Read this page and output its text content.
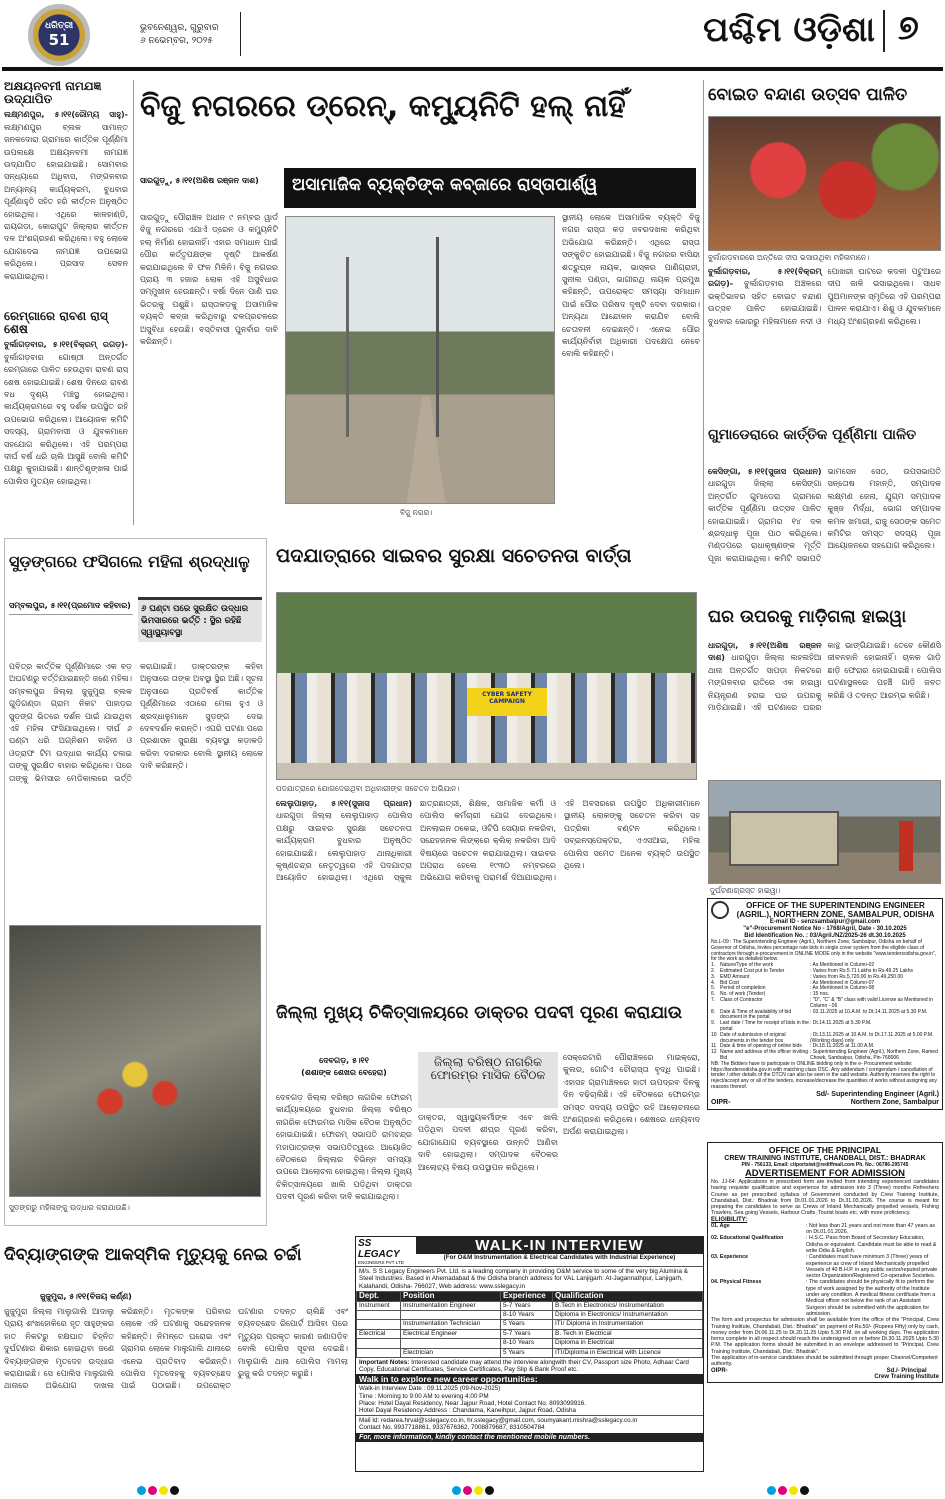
ଧରିତ୍ରୀ
51
ଭୁବନେଶ୍ୱର, ଗୁରୁବାର
୬ ନଭେମ୍ବର, ୨୦୨୫	ପଶ୍ଚିମ ଓଡ଼ିଶା ୭
ଅକ୍ଷୟନବମୀ ନାମଯଜ୍ଞ ଉଦ୍‌ଯାପିତ
ଲକ୍ଷ୍ମଣପୁର, ୫।୧୧(ରୌମ୍ୟ ସାହୁ)- ଲକ୍ଷ୍ମଣପୁର ବ୍ଲକ ସାମାନ୍ତ ଜନକଦୋରା ଗ୍ରାମରେ କାର୍ତ୍ତିକ ପୂର୍ଣ୍ଣିମା ଉପଲକ୍ଷେ ଅକ୍ଷୟନବମୀ ନାମଯଜ୍ଞ ଉଦ୍‌ଯାପିତ ହୋଇଯାଇଛି। ସୋମବାର ସନ୍ଧ୍ୟାରେ ଅଧିବାସ, ମଙ୍ଗଳବାର ଅନ୍ୟାନ୍ୟ କାର୍ଯ୍ୟକ୍ରମ, ବୁଧବାର ପୂର୍ଣ୍ଣାହୁତି ସହିତ ହରି କୀର୍ତ୍ତନ ଅନୁଷ୍ଠିତ ହୋଇଥିଲା। ଏଥିରେ କାଳହାଣ୍ଡି, ରାୟଗଡ଼ା, କୋରାପୁଟ ଜିଲ୍ଲାର କୀର୍ତ୍ତନ ଦଳ ଅଂଶଗ୍ରହଣ କରିଥିଲେ। ବହୁ ଲୋକେ ଯୋଗଦେଇ ନାମଯଜ୍ଞ ଉପଭୋଗ କରିଥିଲେ। ପ୍ରସାଦ ସେବନ କରାଯାଇଥିଲା।
ରେମ୍‌ଗାରେ ରାବଣ ରାସ୍ ଶେଷ
ବୁର୍ଲାଗଡ଼ବାର, ୫।୧୧(ବିକ୍ରମ୍ ରଗଡ଼)- ବୁର୍ଲାଗଡ଼ବାର ଗୋଷ୍ଠୀ ଅନ୍ତର୍ଗତ ରେମ୍‌ଗାରେ ପାଳିତ ହେଉଥିବା ରାବଣ ରାସ୍ ଶେଷ ହୋଇଯାଇଛି। ଶେଷ ଦିନରେ ରାବଣ ବଧ ଦୃଶ୍ୟ ମଞ୍ଚସ୍ଥ ହୋଇଥିଲା। କାର୍ଯ୍ୟକ୍ରମରେ ବହୁ ଦର୍ଶକ ଉପସ୍ଥିତ ରହି ଉପଭୋଗ କରିଥିଲେ। ଆୟୋଜକ କମିଟି ସଦସ୍ୟ, ଗ୍ରାମବାସୀ ଓ ଯୁବକମାନେ ସହଯୋଗ କରିଥିଲେ। ଏହି ପରମ୍ପରା ଦୀର୍ଘ ବର୍ଷ ଧରି ଚାଲି ଆସୁଛି ବୋଲି କମିଟି ପକ୍ଷରୁ କୁହାଯାଇଛି। ଶାନ୍ତିଶୃଙ୍ଖଳା ପାଇଁ ପୋଲିସ ମୁତୟନ ହୋଇଥିଲା।
ବିଜୁ ନଗରରେ ଡ୍ରେନ୍, କମ୍ୟୁନିଟି ହଲ୍ ନାହିଁ
ସାରଗୁଡ଼ୁ, ୫।୧୧(ଅଶିଷ ରଞ୍ଜନ ଦାଶ)	ଅସାମାଜିକ ବ୍ୟକ୍ତିଙ୍କ କବ୍ଜାରେ ରାସ୍ତାପାର୍ଶ୍ୱ
ସାରଗୁଡ଼ୁ ପୌରାଞ୍ଚଳ ଅଧୀନ ୯ ନମ୍ବର ୱାର୍ଡ ବିଜୁ ନଗରରେ ଏଯାଏଁ ଡ୍ରେନ ଓ କମ୍ୟୁନିଟି ହଲ୍ ନିର୍ମାଣ ହୋଇନାହିଁ। ଏହାର ସମାଧାନ ପାଇଁ ପୌର କର୍ତ୍ତୃପକ୍ଷଙ୍କ ଦୃଷ୍ଟି ଆକର୍ଷଣ କରାଯାଇଥିଲେ ବି ଫଳ ମିଳିନି। ବିଜୁ ନଗରର ପ୍ରାୟ ୩ ହଜାର ଲୋକ ଏହି ଅସୁବିଧାର ସମ୍ମୁଖୀନ ହେଉଛନ୍ତି। ବର୍ଷା ଦିନେ ପାଣି ଘର ଭିତରକୁ ପଶୁଛି। ରାସ୍ତାକଡ଼କୁ ଅସାମାଜିକ ବ୍ୟକ୍ତି କବ୍ଜା କରିଥିବାରୁ ଚଳପ୍ରଚଳରେ ଅସୁବିଧା ହେଉଛି। ବସ୍ତିବାସୀ ପୁନର୍ବାର ଦାବି କରିଛନ୍ତି।
ବିଜୁ ନଗର।
ସ୍ଥାନୀୟ ଲୋକେ ଅସାମାଜିକ ବ୍ୟକ୍ତି ବିଜୁ ନଗର ରାସ୍ତା କଡ଼ ଜବରଦଖଲ କରିଥିବା ଅଭିଯୋଗ କରିଛନ୍ତି। ଏଥିରେ ରାସ୍ତା ସଙ୍କୁଚିତ ହୋଇଯାଇଛି। ବିଜୁ ନଗରର ବାସିନ୍ଦା ଶତ୍ରୁଘ୍ନ ନାୟକ, ଭାସ୍କର ପାଣିଗ୍ରାହୀ, ସୁନୀଲ ପଣ୍ଡା, ଭାଗୀରଥି ନାୟକ ପ୍ରମୁଖ କହିଛନ୍ତି, ଉପରୋକ୍ତ ସମସ୍ୟା ସମାଧାନ ପାଇଁ ପୌର ପରିଷଦ ଦୃଷ୍ଟି ଦେବା ଦରକାର। ଅନ୍ୟଥା ଆନ୍ଦୋଳନ କରାଯିବ ବୋଲି ଚେତାବନୀ ଦେଇଛନ୍ତି। ଏନେଇ ପୌର କାର୍ଯ୍ୟନିର୍ବାହୀ ଅଧିକାରୀ ପଦକ୍ଷେପ ନେବେ ବୋଲି କହିଛନ୍ତି।
ବୋଇତ ବନ୍ଦାଣ ଉତ୍ସବ ପାଳିତ
ବୁର୍ଲାଗଡ଼ବାରରେ ଅନ୍ତିରେ ଦୀପ ଭସାଉଥିବା ମହିଳାମାନେ।
ବୁର୍ଲାଗଡ଼ବାର, ୫।୧୧(ବିକ୍ରମ୍ ରଗଡ଼)- ବୁର୍ଲାଗଡ଼ବାର ଅଞ୍ଚଳରେ ଭକ୍ତିଭାବର ସହିତ ବୋଇତ ବନ୍ଦାଣ ଉତ୍ସବ ପାଳିତ ହୋଇଯାଇଛି। ବୁଧବାର ଭୋରରୁ ମହିଳାମାନେ ନଦୀ ଓ ପୋଖରୀ ଘାଟରେ କଦଳୀ ପଟୁଆରେ ଦୀପ ଜାଳି ଭସାଇଥିଲେ। ସାଧବ ପୁଅମାନଙ୍କ ସ୍ମୃତିରେ ଏହି ପରମ୍ପରା ପାଳନ କରାଯାଏ। ଶିଶୁ ଓ ଯୁବକମାନେ ମଧ୍ୟ ଅଂଶଗ୍ରହଣ କରିଥିଲେ।
ଗୁମାଡେରାରେ କାର୍ତ୍ତିକ ପୂର୍ଣ୍ଣିମା ପାଳିତ
କେସିଙ୍ଗା, ୫।୧୧(ସୁଜାସ ପ୍ରଧାନ) ଧାରଗୁଡ଼ା ଜିଲ୍ଲା କେସିଙ୍ଗା ଅନ୍ତର୍ଗତ ଗୁମାଡେରା ଗ୍ରାମରେ କାର୍ତ୍ତିକ ପୂର୍ଣ୍ଣିମା ଉତ୍ସବ ପାଳିତ ହୋଇଯାଇଛି। ଗ୍ରାମର ୧୪ ଦଳ ଶ୍ରଦ୍ଧାଳୁ ପୂଜା ପାଠ କରିଥିଲେ। ମଣ୍ଡପରେ ରାଧାକୃଷ୍ଣଙ୍କ ମୂର୍ତ୍ତି ପୂଜା କରାଯାଇଥିଲା। କମିଟି ସଭାପତି ଭାମସେନ ସେଠ, ଉପସଭାପତି ସନ୍ତୋଷ ମହାନ୍ତି, ସମ୍ପାଦକ ଲକ୍ଷ୍ମଣ ଜେନା, ଯୁଗ୍ମ ସମ୍ପାଦକ କୁଞ୍ଜ ମିର୍ଦ୍ଧା, ଭୋଗ ସମ୍ପାଦକ କମଳ ଖମାରୀ, ରାଜୁ ସେଠଙ୍କ ସମେତ କମିଟିର ସମସ୍ତ ସଦସ୍ୟ ପୂଜା ଆୟୋଜନରେ ସହଯୋଗ କରିଥିଲେ।
ଘର ଉପରକୁ ମାଡ଼ିଗଲା ହାଇୱା
ଧାରଗୁଡ଼ା, ୫।୧୧(ଅଶିଷ ରଞ୍ଜନ ଦାଶ) ଧାରଗୁଡ଼ା ଜିଲ୍ଲା ଲହଲହିଆ ଥାନା ଅନ୍ତର୍ଗତ ସାପଡ଼ା ନିକଟରେ ମଙ୍ଗଳବାର ରାତିରେ ଏକ ହାଇୱା ନିୟନ୍ତ୍ରଣ ହରାଇ ଘର ଉପରକୁ ମାଡ଼ିଯାଇଛି। ଏହି ଘଟଣାରେ ଘରର କାନ୍ଥ ଭାଙ୍ଗିଯାଇଛି। ତେବେ କୌଣସି ଜୀବନହାନି ହୋଇନାହିଁ। ଚାଳକ ଗାଡ଼ି ଛାଡ଼ି ଫେରାର ହୋଇଯାଇଛି। ପୋଲିସ ଘଟଣାସ୍ଥଳରେ ପହଞ୍ଚି ଗାଡ଼ି ଜବତ କରିଛି ଓ ତଦନ୍ତ ଆରମ୍ଭ କରିଛି।
ଦୁର୍ଘଟଣାଗ୍ରସ୍ତ ହାଇୱା।
OFFICE OF THE SUPERINTENDING ENGINEER
(AGRIL.), NORTHERN ZONE, SAMBALPUR, ODISHA
E-mail ID - senzsambalpur@gmail.com
"e"-Procurement Notice No - 1768/Agril, Date - 30.10.2025
Bid Identification No. : 03/Agril./NZ/2025-26 dt.30.10.2025

No.L-09 : The Superintending Engineer (Agril.), Northern Zone, Sambalpur, Odisha on behalf of Governor of Odisha, invites percentage rate bids in single cover system from the eligible class of contractors through e-procurement in ONLINE MODE only in the website "www.tendersodisha.gov.in", for the work as detailed below.

1. Nature/Type of the work	: As Mentioned in Column-02
2. Estimated Cost put to Tender	: Varies from Rs.5.71 Lakhs to Rs.49.25 Lakhs
3. EMD Amount	: Varies from Rs.5,720.00 to Rs.49,250.00
4. Bid Cost	: As Mentioned in Column-07
5. Period of completion	: As Mentioned in Column-08
6. No. of work (Tender)	: 15 nos.
7. Class of Contractor	: "D", "C" & "B" class with valid License as Mentioned in Column - 06
8. Date & Time of availability of bid document in the portal
: 03.11.2025 at 10.A.M. to Dt.14.11.2025 at 5.30 P.M.
9. Last date / Time for receipt of bids in the portal
: Dt.14.11.2025 at 5.30 P.M.
10 Date of submission of original documents in the tender box
: Dt.13.11.2025 at 10 A.M. to Dt.17.11.2025 at 5.00 P.M. (Working days) only
11 Date & time of opening of online bids	: Dt.18.11.2025 at 11.00 A.M.
12 Name and address of the officer inviting Bid
: Superintending Engineer (Agril.), Northern Zone, Ramed Chowk, Sambalpur, Odisha, Pin-768006

NB: The Bidders have to participate in ONLINE bidding only in the e- Procurement website: https://tendersodisha.gov.in with matching class DSC. Any addendum / corrigendum / cancellation of tender / other details of the DTCN can also be seen in the said website. Authority reserves the right to reject/accept any or all of the tenders, increase/decrease the quantities of works without assigning any reasons thereof.

OIPR-
Sd/- Superintending Engineer (Agril.)
Northern Zone, Sambalpur
OFFICE OF THE PRINCIPAL
CREW TRAINING INSTITUTE, CHANDBALI, DIST.: BHADRAK
PIN - 756133, Email: ctiportsiwt@rediffmail.com Ph. No.: 06786-295745
ADVERTISEMENT FOR ADMISSION

No. JJ-64: Applications in prescribed form are invited from intending experienced candidates having requisite qualification and experience for admission into 3 (Three) months Refreshers Course as per prescribed syllabus of Government conducted by Crew Training Institute, Chandabali, Dist.: Bhadrak from Dt.01.01.2026 to Dt.31.03.2026. The course is meant for preparing the candidates to serve as Crews of Inland Mechanically propelled vessels, Fishing Trawlers, Sea going Vessels, Harbour Crafts, Tourist boats etc. with more proficiency.

ELIGIBILITY:
01. Age	: Not less than 21 years and not more than 47 years as on Dt.01.01.2026.
02. Educational Qualification	: H.S.C. Pass from Board of Secondary Education, Odisha or equivalent. Candidate must be able to read & write Odia & English.
03. Experience	: Candidates must have minimum 3 (Three) years of experience as crew of Inland Mechanically propelled Vessels of 40 B.H.P. in any public sector/reputed private sector Organization/Registered Co-operative Societies.
04. Physical Fitness	: The candidates should be physically fit to perform the type of work assigned by the authority of the Institute under any condition. A medical fitness certificate from a Medical officer not below the rank of an Assistant Surgeon should be submitted with the application for admission.

The form and prospectus for admission shall be available from the office of the "Principal, Crew Training Institute, Chandabali, Dist.: Bhadrak" on payment of Rs.50/- (Rupees Fifty) only by cash, money order from Dt.06.11.25 to Dt.20.11.25 Upto 5.30 P.M. on all working days. The application forms complete in all respect should reach the undersigned on or before Dt.30.11.2025 Upto 5.30 P.M. The application forms should be submitted in an envelope addressed to "Principal, Crew Training Institute, Chandabali, Dist.: Bhadrak".

The application of in-service candidates should be submitted through proper Channel/Competent authority.

OIPR-	Sd./- Principal
Crew Training Institute
ସୁଡ଼ଙ୍ଗରେ ଫସିଗଲେ ମହିଳା ଶ୍ରଦ୍ଧାଳୁ
ସମ୍ବଲପୁର, ୫।୧୧(ପ୍ରମୋଦ କହିବାର) ୬ ଘଣ୍ଟା ପରେ ସୁରକ୍ଷିତ ଉଦ୍ଧାର
ଭିମସାରରେ ଭର୍ତ୍ତି : ସ୍ଥିର ରହିଛି ସ୍ୱାସ୍ଥ୍ୟାବସ୍ଥା
ପବିତ୍ର କାର୍ତ୍ତିକ ପୂର୍ଣ୍ଣିମାରେ ଏକ ବଡ଼ ଅଘଟଣରୁ ବର୍ତ୍ତିଯାଇଛନ୍ତି ଜଣେ ମହିଳା। ସମ୍ବଲପୁର ଜିଲ୍ଲା ଜୁଜୁମୁରା ବ୍ଲକ ଗୁଡ଼ିଗଣ୍ଡା ଗ୍ରାମ ନିକଟ ପାହାଡ଼ର ସୁଡ଼ଙ୍ଗ ଭିତରେ ଦର୍ଶନ ପାଇଁ ଯାଇଥିବା ଏହି ମହିଳା ଫସିଯାଇଥିଲେ। ଦୀର୍ଘ ୬ ଘଣ୍ଟା ଧରି ଅଗ୍ନିଶମ ବାହିନୀ ଓ ଓଡ୍ରାଫ ଟିମ ଉଦ୍ଧାର କାର୍ଯ୍ୟ ଚଳାଇ ତାଙ୍କୁ ସୁରକ୍ଷିତ ବାହାର କରିଥିଲେ। ପରେ ତାଙ୍କୁ ଭିମସାର ମେଡିକାଲରେ ଭର୍ତ୍ତି କରାଯାଇଛି। ଡାକ୍ତରଙ୍କ କହିବା ଅନୁସାରେ ତାଙ୍କ ଅବସ୍ଥା ସ୍ଥିର ଅଛି। ସୂଚନା ଅନୁସାରେ ପ୍ରତିବର୍ଷ କାର୍ତ୍ତିକ ପୂର୍ଣ୍ଣିମାରେ ଏଠାରେ ମେଳା ହୁଏ ଓ ଶ୍ରଦ୍ଧାଳୁମାନେ ସୁଡ଼ଙ୍ଗ ଦେଇ ଦେବଦର୍ଶନ କରନ୍ତି। ଏପରି ଘଟଣା ପରେ ପ୍ରଶାସନ ସୁରକ୍ଷା ବ୍ୟବସ୍ଥା କଡ଼ାକଡ଼ି କରିବା ଦରକାର ବୋଲି ସ୍ଥାନୀୟ ଲୋକେ ଦାବି କରିଛନ୍ତି।
ସୁଡ଼ଙ୍ଗରୁ ମହିଳାଙ୍କୁ ଉଦ୍ଧାର କରାଯାଉଛି।
ପଦଯାତ୍ରାରେ ସାଇବର ସୁରକ୍ଷା ସଚେତନତା ବାର୍ତ୍ତା
CYBER SAFETY CAMPAIGN
ପଦଯାତ୍ରାରେ ଯୋଗଦେଇଥିବା ଅଧିକାରୀଙ୍କ ସଚେତନ ଅଭିଯାନ।
ଲେଲୁପାହାଡ଼, ୫।୧୧(ସୁଜାସ ପ୍ରଧାନ) ଧାରଗୁଡ଼ା ଜିଲ୍ଲା ଲେଲୁପାହାଡ଼ ପୋଲିସ ପକ୍ଷରୁ ସାଇବର ସୁରକ୍ଷା ସଚେତନତା କାର୍ଯ୍ୟକ୍ରମ ବୁଧବାର ଅନୁଷ୍ଠିତ ହୋଇଯାଇଛି। ଲେଲୁପାହାଡ଼ ଥାନାଧିକାରୀ କୃଷ୍ଣଚନ୍ଦ୍ର ନେତୃତ୍ୱରେ ଏହି ପଦଯାତ୍ରା ଆୟୋଜିତ ହୋଇଥିଲା। ଏଥିରେ ସ୍କୁଲ ଛାତ୍ରଛାତ୍ରୀ, ଶିକ୍ଷକ, ସାମାଜିକ କର୍ମୀ ଓ ପୋଲିସ କର୍ମଚାରୀ ଯୋଗ ଦେଇଥିଲେ। ଅନଲାଇନ ଠକେଇ, ଓଟିପି ସେୟାର ନକରିବା, ସନ୍ଦେହଜନକ ଲିଙ୍କ୍‌ରେ କ୍ଲିକ୍ ନକରିବା ଆଦି ବିଷୟରେ ସଚେତନ କରାଯାଇଥିଲା। ସାଇବର ଅପରାଧ ହେଲେ ୧୯୩୦ ନମ୍ବରରେ ଅଭିଯୋଗ କରିବାକୁ ପରାମର୍ଶ ଦିଆଯାଇଥିଲା। ଏହି ଅବସରରେ ଉପସ୍ଥିତ ଅଧିକାରୀମାନେ ସ୍ଥାନୀୟ ଲୋକଙ୍କୁ ସଚେତନ କରିବା ସହ ପତ୍ରିକା ବଣ୍ଟନ କରିଥିଲେ। ସବ୍‌ଇନସ୍ପେକ୍ଟର, ଏଏସଆଇ, ମହିଳା ପୋଲିସ ସମେତ ଅନେକ ବ୍ୟକ୍ତି ଉପସ୍ଥିତ ଥିଲେ।
ଜିଲ୍ଲା ମୁଖ୍ୟ ଚିକିତ୍ସାଳୟରେ ଡାକ୍ତର ପଦବୀ ପୂରଣ କରାଯାଉ
ଦେବଗଡ଼, ୫।୧୧
(ଶଶାଙ୍କ ଶେଖର ବେହେରା)
ଜିଲ୍ଲା ବରିଷ୍ଠ ନାଗରିକ ଫୋରମ୍‌ର ମାସିକ ବୈଠକ
ଦେବଗଡ଼ ଜିଲ୍ଲା ବରିଷ୍ଠ ନାଗରିକ ଫୋରମ୍ କାର୍ଯ୍ୟାଳୟରେ ବୁଧବାର ଜିଲ୍ଲା ବରିଷ୍ଠ ନାଗରିକ ଫୋରମର ମାସିକ ବୈଠକ ଅନୁଷ୍ଠିତ ହୋଇଯାଇଛି। ଫୋରମ୍ ସଭାପତି ରାମଚନ୍ଦ୍ର ମହାପାତ୍ରଙ୍କ ସଭାପତିତ୍ୱରେ ଆୟୋଜିତ ବୈଠକରେ ଜିଲ୍ଲାର ବିଭିନ୍ନ ସମସ୍ୟା ଉପରେ ଆଲୋଚନା ହୋଇଥିଲା। ଜିଲ୍ଲା ମୁଖ୍ୟ ଚିକିତ୍ସାଳୟରେ ଖାଲି ପଡ଼ିଥିବା ଡାକ୍ତର ପଦବୀ ପୂରଣ କରିବା ଦାବି କରାଯାଇଥିଲା।
ଡାକ୍ତର, ସ୍ୱାସ୍ଥ୍ୟକର୍ମୀଙ୍କ ଏବେ ଖାଲି ପଡ଼ିଥିବା ପଦବୀ ଶୀଘ୍ର ପୂରଣ କରିବା, ଯୋଗାଯୋଗ ବ୍ୟବସ୍ଥାରେ ଉନ୍ନତି ଆଣିବା ଦାବି ହୋଇଥିଲା। ସମ୍ପାଦକ ବୈଠକର ଆଲୋଚ୍ୟ ବିଷୟ ଉପସ୍ଥାପନ କରିଥିଲେ।
ସେକ୍ରେଟାରି ପୌରାଞ୍ଚଳରେ ମାଇକ୍ରୋ, କୁଲର, ଗୋଟିଏ ଚୌରାସ୍ତା ବୃଦ୍ଧି ପାଇଛି। ଏହାସହ ଗ୍ରାମାଞ୍ଚଳରେ ହାତୀ ଉପଦ୍ରବ ଦିନକୁ ଦିନ ବଢ଼ିଚାଲିଛି। ଏହି ବୈଠକରେ ଫୋରମ୍‌ର ସମସ୍ତ ସଦସ୍ୟ ଉପସ୍ଥିତ ରହି ଆଲୋଚନାରେ ଅଂଶଗ୍ରହଣ କରିଥିଲେ। ଶେଷରେ ଧନ୍ୟବାଦ ଅର୍ପଣ କରାଯାଇଥିଲା।
ଦିବ୍ୟାଙ୍ଗଙ୍କ ଆକସ୍ମିକ ମୃତ୍ୟୁକୁ ନେଇ ଚର୍ଚ୍ଚା
ଜୁଜୁମୁରା, ୫।୧୧(ବିଜୟ କର୍ଣ୍ଣ)
ଜୁଜୁମୁରା ଜିଲ୍ଲା ମାଲୁଗାଲି ଆଦାଲୁ ପ୍ରାୟ ଶଂଖହୋକିରେ ହୃତ ସାହୁଙ୍କର ହାତ ନିକଟରୁ ବକ୍ଷଘାତ ଚିହ୍ନିତ ଦୁର୍ଘଟଣାର ଶିକାର ହୋଇଥିବା ଜଣେ ଦିବ୍ୟାଙ୍ଗଙ୍କ ମୃତଦେହ ଉଦ୍ଧାର କରାଯାଇଛି। ସେ ପୋଲିସ ମାଲୁଗାଲି ଥାନାରେ ଅଭିଯୋଗ ଦାଖଲ କରିଛନ୍ତି। ମୃତକଙ୍କ ପରିବାର ଲୋକେ ଏହି ଘଟଣାକୁ ସନ୍ଦେହଜନକ କହିଛନ୍ତି। ନିମନ୍ତେ ଘରୋଇ ଏବଂ ଗ୍ରାମର ଲୋକେ ମାଲୁଗାଲି ଥାନାରେ ଏନେଇ ପ୍ରତିବାଦ କରିଛନ୍ତି। ପୋଲିସ ମୃତଦେହକୁ ବ୍ୟବଚ୍ଛେଦ ପାଇଁ ପଠାଇଛି। ଉପରୋକ୍ତ ଘଟଣାର ତଦନ୍ତ ଚାଲିଛି ଏବଂ ବ୍ୟବଚ୍ଛେଦ ରିପୋର୍ଟ ଆସିବା ପରେ ମୃତ୍ୟୁର ପ୍ରକୃତ କାରଣ ଜଣାପଡ଼ିବ ବୋଲି ପୋଲିସ ସୂଚନା ଦେଇଛି। ମାଲୁଗାଲି ଥାନା ପୋଲିସ ମାମଲା ରୁଜୁ କରି ତଦନ୍ତ କରୁଛି।
SS LEGACY
ENGINEERS PVT LTD
WALK-IN INTERVIEW
(For O&M Instrumentation & Electrical Candidates with Industrial Experience)

M/s. S S Legacy Engineers Pvt. Ltd. is a leading company in providing O&M service to some of the very big Alumina & Steel Industries. Based in Ahemadabad & the Odisha branch address for VAL Lanjigarh: At-Jagannathpur, Lanjigarh, Kalahandi, Odisha- 766027, Web address: www.sslegacy.in

Dept.	Position	Experience	Qualification
Instrument	Instrumentation Engineer	5-7 Years	B.Tech in Electronics/ Instrumentation
		8-10 Years	Diploma in Electronics/ Instrumentation
	Instrumentation Technician	5 Years	ITI/ Diploma in Instrumentation
Electrical	Electrical Engineer	5-7 Years	B. Tech in Electrical
		8-10 Years	Diploma in Electrical
	Electrician	5 Years	ITI/Diploma in Electrical with Licence

Important Notes: Interested candidate may attend the interview alongwith their CV, Passport size Photo, Adhaar Card Copy, Educational Certificates, Service Certificates, Pay Slip & Bank Proof etc.

Walk in to explore new career opportunities:
Walk-in Interview Date : 09.11.2025 (09-Nov-2025)
Time : Morning to 9:00 AM to evening 4:00 PM
Place: Hotel Dayal Residency, Near Jajpur Road, Hotel Contact No. 8093099916.
Hotel Dayal Residency Address : Chandama, Kaneihpur, Jajpur Road, Odisha
Mail Id: redarea.hrval@sslegacy.co.in, hr.sslegacy@gmail.com, soumyakant.mishra@sslegacy.co.in
Contact No. 9937718861, 9337676362, 7008879687, 8310504784
For, more information, kindly contact the mentioned mobile numbers.
